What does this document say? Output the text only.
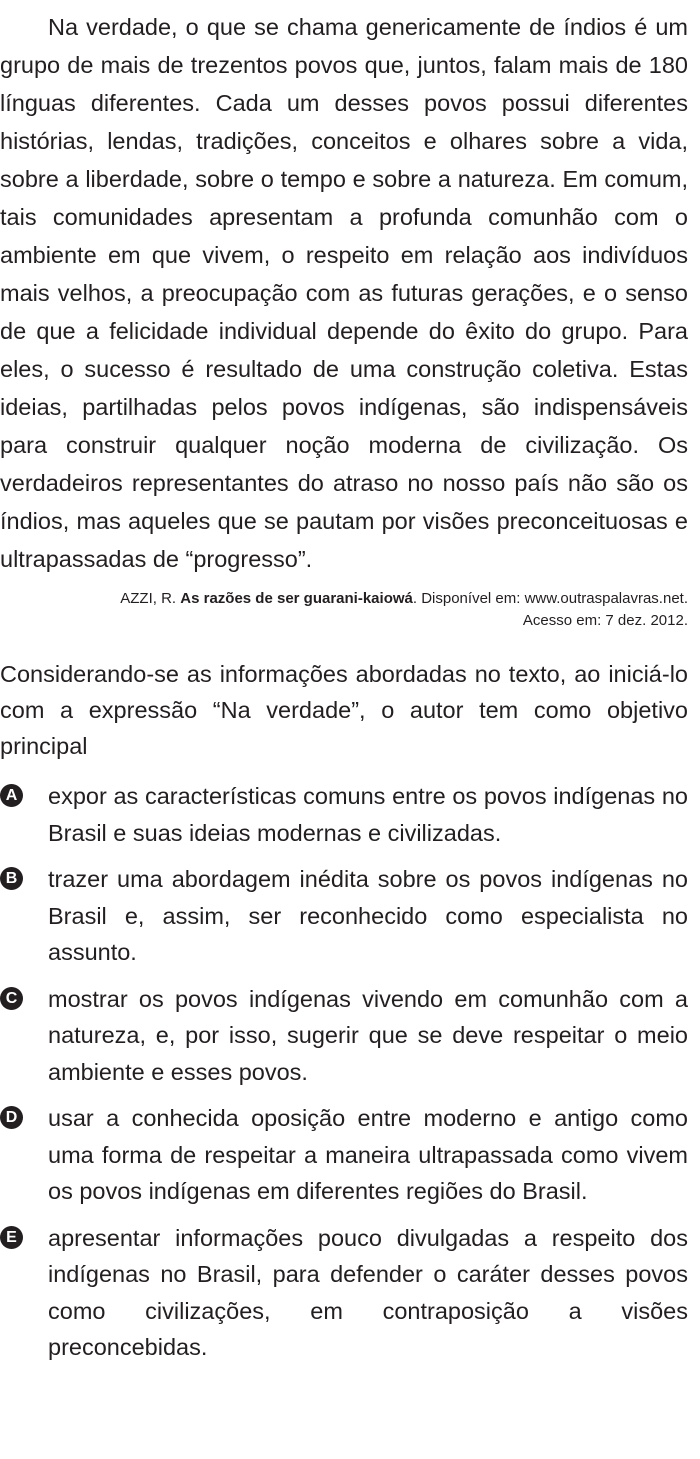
Na verdade, o que se chama genericamente de índios é um grupo de mais de trezentos povos que, juntos, falam mais de 180 línguas diferentes. Cada um desses povos possui diferentes histórias, lendas, tradições, conceitos e olhares sobre a vida, sobre a liberdade, sobre o tempo e sobre a natureza. Em comum, tais comunidades apresentam a profunda comunhão com o ambiente em que vivem, o respeito em relação aos indivíduos mais velhos, a preocupação com as futuras gerações, e o senso de que a felicidade individual depende do êxito do grupo. Para eles, o sucesso é resultado de uma construção coletiva. Estas ideias, partilhadas pelos povos indígenas, são indispensáveis para construir qualquer noção moderna de civilização. Os verdadeiros representantes do atraso no nosso país não são os índios, mas aqueles que se pautam por visões preconceituosas e ultrapassadas de “progresso”.

AZZI, R. As razões de ser guarani-kaiowá. Disponível em: www.outraspalavras.net.
Acesso em: 7 dez. 2012.

Considerando-se as informações abordadas no texto, ao iniciá-lo com a expressão “Na verdade”, o autor tem como objetivo principal

A expor as características comuns entre os povos indígenas no Brasil e suas ideias modernas e civilizadas.
B trazer uma abordagem inédita sobre os povos indígenas no Brasil e, assim, ser reconhecido como especialista no assunto.
C mostrar os povos indígenas vivendo em comunhão com a natureza, e, por isso, sugerir que se deve respeitar o meio ambiente e esses povos.
D usar a conhecida oposição entre moderno e antigo como uma forma de respeitar a maneira ultrapassada como vivem os povos indígenas em diferentes regiões do Brasil.
E apresentar informações pouco divulgadas a respeito dos indígenas no Brasil, para defender o caráter desses povos como civilizações, em contraposição a visões preconcebidas.
